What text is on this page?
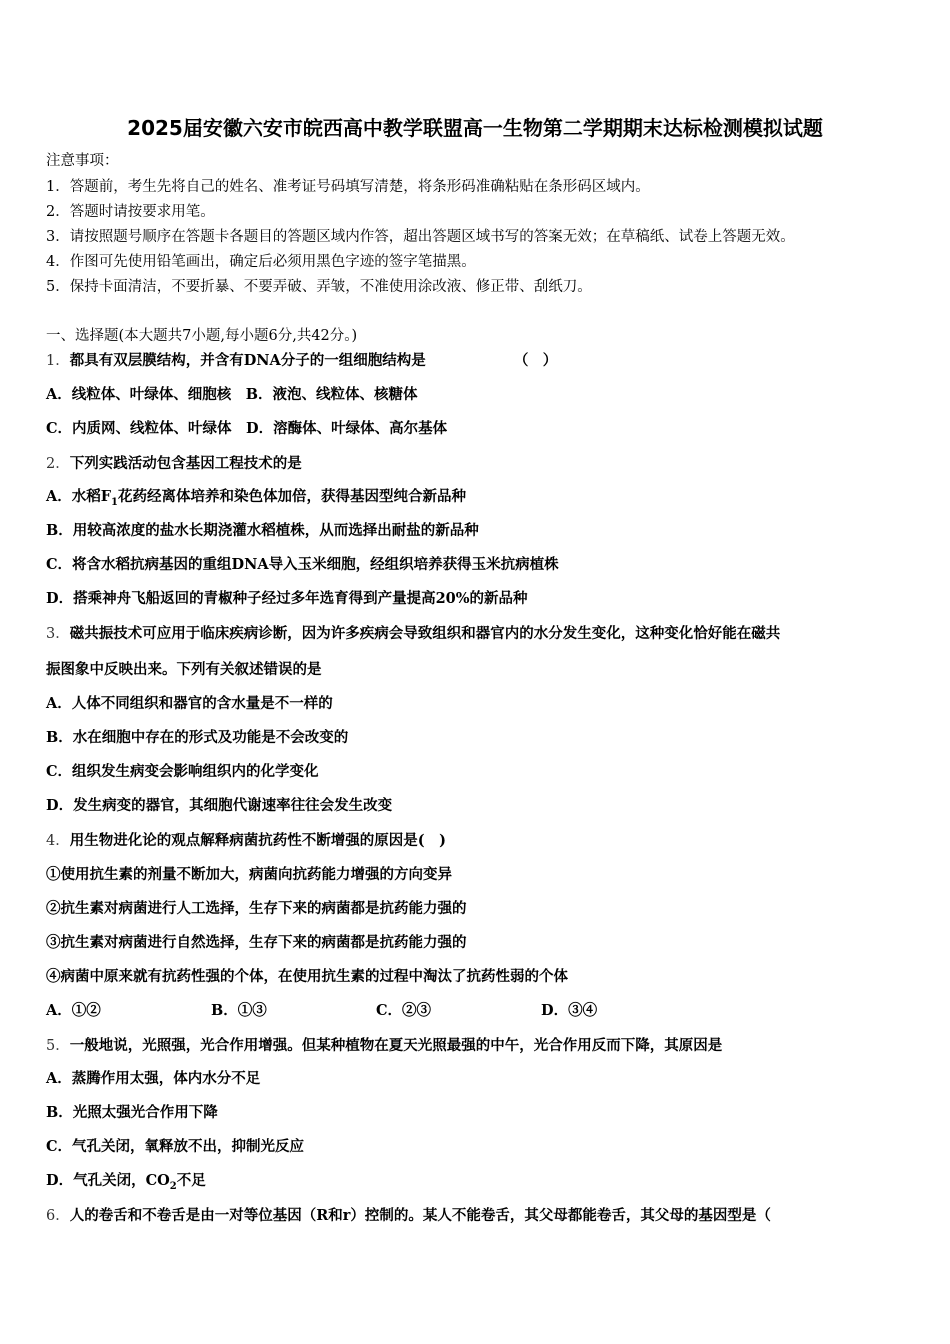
2025届安徽六安市皖西高中教学联盟高一生物第二学期期末达标检测模拟试题
注意事项：
1．答题前，考生先将自己的姓名、准考证号码填写清楚，将条形码准确粘贴在条形码区域内。
2．答题时请按要求用笔。
3．请按照题号顺序在答题卡各题目的答题区域内作答，超出答题区域书写的答案无效；在草稿纸、试卷上答题无效。
4．作图可先使用铅笔画出，确定后必须用黑色字迹的签字笔描黑。
5．保持卡面清洁，不要折暴、不要弄破、弄皱，不准使用涂改液、修正带、刮纸刀。
一、选择题(本大题共7小题,每小题6分,共42分。)
1．都具有双层膜结构，并含有DNA分子的一组细胞结构是	（　）
A．线粒体、叶绿体、细胞核　B．液泡、线粒体、核糖体
C．内质网、线粒体、叶绿体　D．溶酶体、叶绿体、高尔基体
2．下列实践活动包含基因工程技术的是
A．水稻$F_1$花药经离体培养和染色体加倍，获得基因型纯合新品种
B．用较高浓度的盐水长期浇灌水稻植株，从而选择出耐盐的新品种
C．将含水稻抗病基因的重组DNA导入玉米细胞，经组织培养获得玉米抗病植株
D．搭乘神舟飞船返回的青椒种子经过多年选育得到产量提高20%的新品种
3．磁共振技术可应用于临床疾病诊断，因为许多疾病会导致组织和器官内的水分发生变化，这种变化恰好能在磁共
振图象中反映出来。下列有关叙述错误的是
A．人体不同组织和器官的含水量是不一样的
B．水在细胞中存在的形式及功能是不会改变的
C．组织发生病变会影响组织内的化学变化
D．发生病变的器官，其细胞代谢速率往往会发生改变
4．用生物进化论的观点解释病菌抗药性不断增强的原因是(　)
①使用抗生素的剂量不断加大，病菌向抗药能力增强的方向变异
②抗生素对病菌进行人工选择，生存下来的病菌都是抗药能力强的
③抗生素对病菌进行自然选择，生存下来的病菌都是抗药能力强的
④病菌中原来就有抗药性强的个体，在使用抗生素的过程中淘汰了抗药性弱的个体
A．①②	B．①③	C．②③	D．③④
5．一般地说，光照强，光合作用增强。但某种植物在夏天光照最强的中午，光合作用反而下降，其原因是
A．蒸腾作用太强，体内水分不足
B．光照太强光合作用下降
C．气孔关闭，氧释放不出，抑制光反应
D．气孔关闭，$CO_2$不足
6．人的卷舌和不卷舌是由一对等位基因（R和r）控制的。某人不能卷舌，其父母都能卷舌，其父母的基因型是（
